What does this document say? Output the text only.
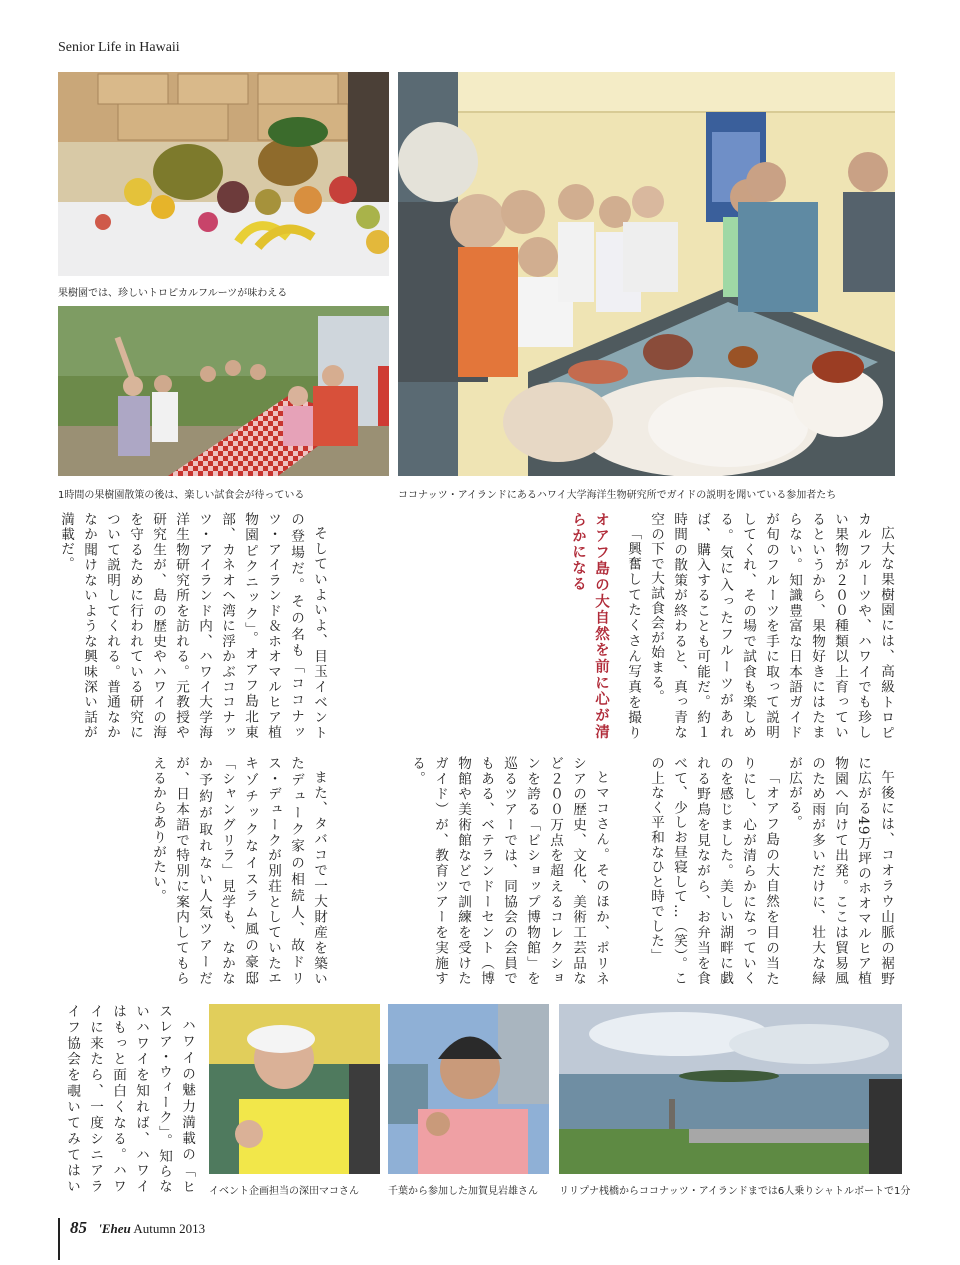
Senior Life in Hawaii
果樹園では、珍しいトロピカルフルーツが味わえる
1時間の果樹園散策の後は、楽しい試食会が待っている	ココナッツ・アイランドにあるハワイ大学海洋生物研究所でガイドの説明を聞いている参加者たち

広大な果樹園には、高級トロピカルフルーツや、ハワイでも珍しい果物が２００種類以上育っているというから、果物好きにはたまらない。知識豊富な日本語ガイドが旬のフルーツを手に取って説明してくれ、その場で試食も楽しめる。気に入ったフルーツがあれば、購入することも可能だ。約１時間の散策が終わると、真っ青な空の下で大試食会が始まる。

「興奮してたくさん写真を撮り

オアフ島の大自然を前に心が清らかになる

そしていよいよ、目玉イベントの登場だ。その名も「ココナッツ・アイランド＆ホオマルヒア植物園ピクニック」。オアフ島北東部、カネオヘ湾に浮かぶココナッツ・アイランド内、ハワイ大学海洋生物研究所を訪れる。元教授や研究生が、島の歴史やハワイの海を守るために行われている研究について説明してくれる。普通なかなか聞けないような興味深い話が満載だ。

午後には、コオラウ山脈の裾野に広がる49万坪のホオマルヒア植物園へ向けて出発。ここは貿易風のため雨が多いだけに、壮大な緑が広がる。

「オアフ島の大自然を目の当たりにし、心が清らかになっていくのを感じました。美しい湖畔に戯れる野鳥を見ながら、お弁当を食べて、少しお昼寝して…（笑）。この上なく平和なひと時でした」

とマコさん。そのほか、ポリネシアの歴史、文化、美術工芸品など２００万点を超えるコレクションを誇る「ビショップ博物館」を巡るツアーでは、同協会の会員でもある、ベテランドーセント（博物館や美術館などで訓練を受けたガイド）が、教育ツアーを実施する。

また、タバコで一大財産を築いたデューク家の相続人、故ドリス・デュークが別荘としていたエキゾチックなイスラム風の豪邸「シャングリラ」見学も、なかなか予約が取れない人気ツアーだが、日本語で特別に案内してもらえるからありがたい。

ハワイの魅力満載の「ヒスレア・ウィーク」。知らないハワイを知れば、ハワイはもっと面白くなる。ハワイに来たら、一度シニアライフ協会を覗いてみてはい	イベント企画担当の深田マコさん	千葉から参加した加賀見岩雄さん リリプナ桟橋からココナッツ・アイランドまでは6人乗りシャトルボートで1分
85 'Eheu Autumn 2013
